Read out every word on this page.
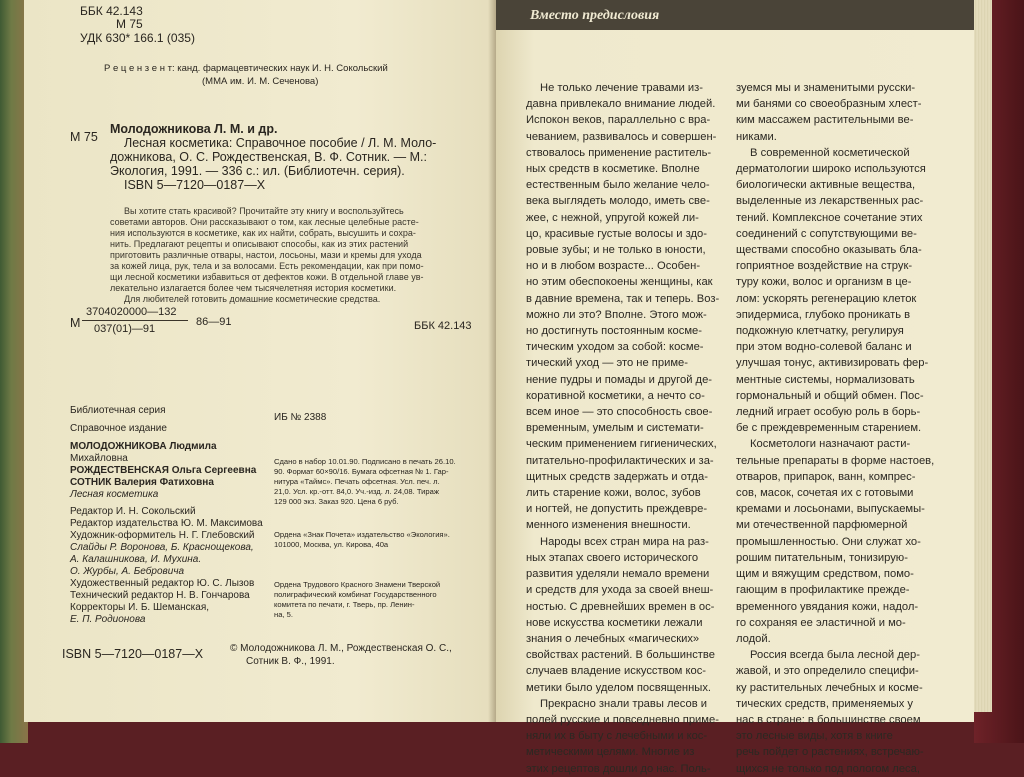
ББК 42.143
М 75
УДК 630* 166.1 (035)
Р е ц е н з е н т: канд. фармацевтических наук И. Н. Сокольский
(ММА им. И. М. Сеченова)
М 75
Молодожникова Л. М. и др.
Лесная косметика: Справочное пособие / Л. М. Моло-
дожникова, О. С. Рождественская, В. Ф. Сотник. — М.:
Экология, 1991. — 336 с.: ил. (Библиотечн. серия).
ISBN 5—7120—0187—X
Вы хотите стать красивой? Прочитайте эту книгу и воспользуйтесь
советами авторов. Они рассказывают о том, как лесные целебные расте-
ния используются в косметике, как их найти, собрать, высушить и сохра-
нить. Предлагают рецепты и описывают способы, как из этих растений
приготовить различные отвары, настои, лосьоны, мази и кремы для ухода
за кожей лица, рук, тела и за волосами. Есть рекомендации, как при помо-
щи лесной косметики избавиться от дефектов кожи. В отдельной главе ув-
лекательно излагается более чем тысячелетняя история косметики.
Для любителей готовить домашние косметические средства.
М
3704020000—132
037(01)—91
86—91	ББК 42.143
Библиотечная серия
Справочное издание
ИБ № 2388
МОЛОДОЖНИКОВА Людмила
Михайловна
РОЖДЕСТВЕНСКАЯ Ольга Сергеевна
СОТНИК Валерия Фатиховна
Лесная косметика
Редактор И. Н. Сокольский
Редактор издательства Ю. М. Максимова
Художник-оформитель Н. Г. Глебовский
Слайды Р. Воронова, Б. Краснощекова,
А. Калашникова, И. Мухина.
О. Журбы, А. Бебровича
Художественный редактор Ю. С. Лызов
Технический редактор Н. В. Гончарова
Корректоры И. Б. Шеманская,
Е. П. Родионова
Сдано в набор 10.01.90. Подписано в печать 26.10.
90. Формат 60×90/16. Бумага офсетная № 1. Гар-
нитура «Таймс». Печать офсетная. Усл. печ. л.
21,0. Усл. кр.-отт. 84,0. Уч.-изд. л. 24,08. Тираж
129 000 экз. Заказ 920. Цена 6 руб.
Ордена «Знак Почета» издательство «Экология».
101000, Москва, ул. Кирова, 40а
Ордена Трудового Красного Знамени Тверской
полиграфический комбинат Государственного
комитета по печати, г. Тверь, пр. Ленин-
на, 5.
ISBN 5—7120—0187—X	© Молодожникова Л. М., Рождественская О. С.,
Сотник В. Ф., 1991.
Вместо предисловия
Не только лечение травами из-
давна привлекало внимание людей.
Испокон веков, параллельно с вра-
чеванием, развивалось и совершен-
ствовалось применение раститель-
ных средств в косметике. Вполне
естественным было желание чело-
века выглядеть молодо, иметь све-
жее, с нежной, упругой кожей ли-
цо, красивые густые волосы и здо-
ровые зубы; и не только в юности,
но и в любом возрасте... Особен-
но этим обеспокоены женщины, как
в давние времена, так и теперь. Воз-
можно ли это? Вполне. Этого мож-
но достигнуть постоянным косме-
тическим уходом за собой: косме-
тический уход — это не приме-
нение пудры и помады и другой де-
коративной косметики, а нечто со-
всем иное — это способность свое-
временным, умелым и системати-
ческим применением гигиенических,
питательно-профилактических и за-
щитных средств задержать и отда-
лить старение кожи, волос, зубов
и ногтей, не допустить преждевре-
менного изменения внешности.
Народы всех стран мира на раз-
ных этапах своего исторического
развития уделяли немало времени
и средств для ухода за своей внеш-
ностью. С древнейших времен в ос-
нове искусства косметики лежали
знания о лечебных «магических»
свойствах растений. В большинстве
случаев владение искусством кос-
метики было уделом посвященных.
Прекрасно знали травы лесов и
полей русские и повседневно приме-
няли их в быту с лечебными и кос-
метическими целями. Многие из
этих рецептов дошли до нас. Поль-
зуемся мы и знаменитыми русски-
ми банями со своеобразным хлест-
ким массажем растительными ве-
никами.
В современной косметической
дерматологии широко используются
биологически активные вещества,
выделенные из лекарственных рас-
тений. Комплексное сочетание этих
соединений с сопутствующими ве-
ществами способно оказывать бла-
гоприятное воздействие на струк-
туру кожи, волос и организм в це-
лом: ускорять регенерацию клеток
эпидермиса, глубоко проникать в
подкожную клетчатку, регулируя
при этом водно-солевой баланс и
улучшая тонус, активизировать фер-
ментные системы, нормализовать
гормональный и общий обмен. Пос-
ледний играет особую роль в борь-
бе с преждевременным старением.
Косметологи назначают расти-
тельные препараты в форме настоев,
отваров, припарок, ванн, компрес-
сов, масок, сочетая их с готовыми
кремами и лосьонами, выпускаемы-
ми отечественной парфюмерной
промышленностью. Они служат хо-
рошим питательным, тонизирую-
щим и вяжущим средством, помо-
гающим в профилактике прежде-
временного увядания кожи, надол-
го сохраняя ее эластичной и мо-
лодой.
Россия всегда была лесной дер-
жавой, и это определило специфи-
ку растительных лечебных и косме-
тических средств, применяемых у
нас в стране: в большинстве своем
это лесные виды, хотя в книге
речь пойдет о растениях, встречаю-
щихся не только под пологом леса,
